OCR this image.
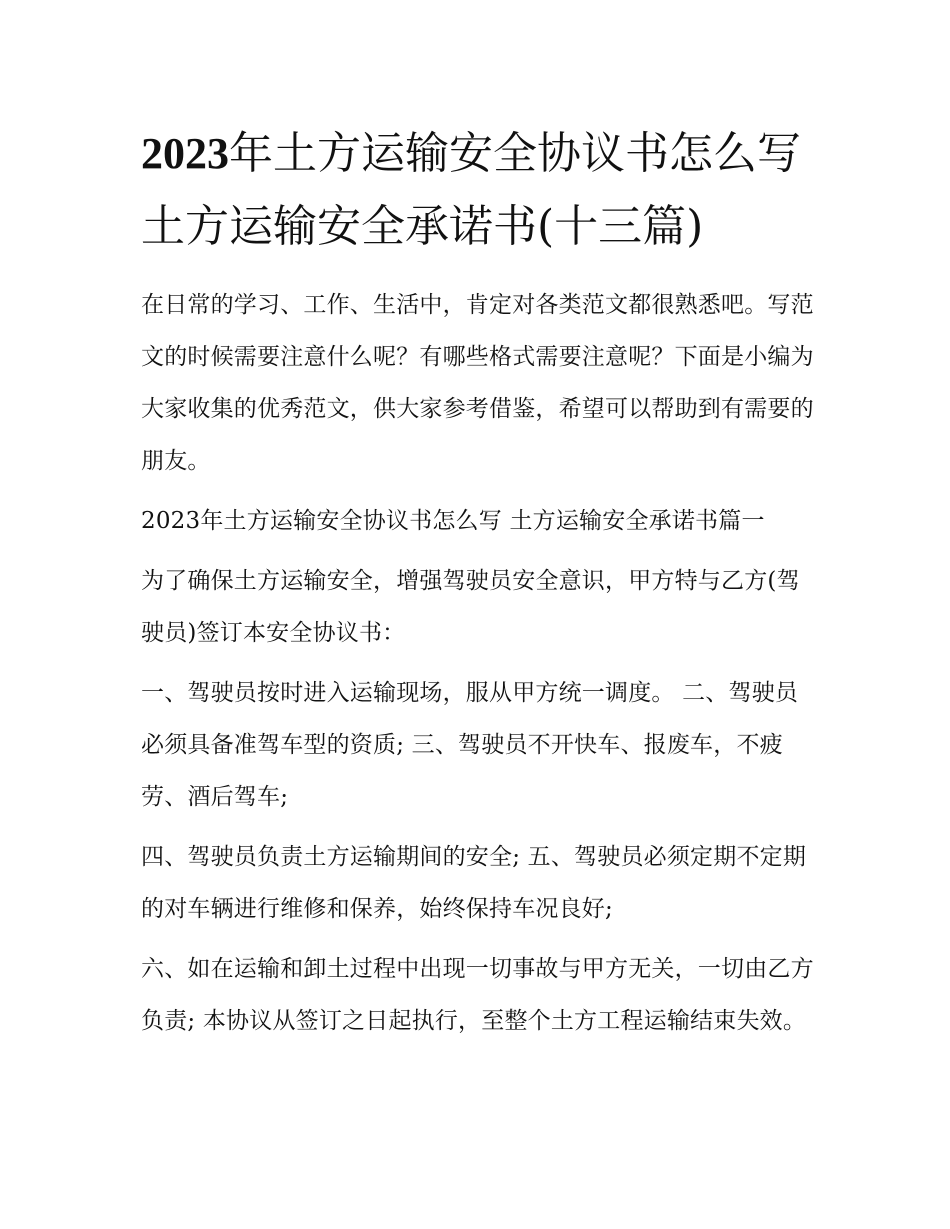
2023年土方运输安全协议书怎么写 土方运输安全承诺书(十三篇)

在日常的学习、工作、生活中，肯定对各类范文都很熟悉吧。写范文的时候需要注意什么呢？有哪些格式需要注意呢？下面是小编为大家收集的优秀范文，供大家参考借鉴，希望可以帮助到有需要的朋友。

2023年土方运输安全协议书怎么写 土方运输安全承诺书篇一

为了确保土方运输安全，增强驾驶员安全意识，甲方特与乙方(驾驶员)签订本安全协议书：

一、驾驶员按时进入运输现场，服从甲方统一调度。 二、驾驶员必须具备准驾车型的资质; 三、驾驶员不开快车、报废车，不疲劳、酒后驾车;

四、驾驶员负责土方运输期间的安全; 五、驾驶员必须定期不定期的对车辆进行维修和保养，始终保持车况良好;

六、如在运输和卸土过程中出现一切事故与甲方无关，一切由乙方负责; 本协议从签订之日起执行，至整个土方工程运输结束失效。
